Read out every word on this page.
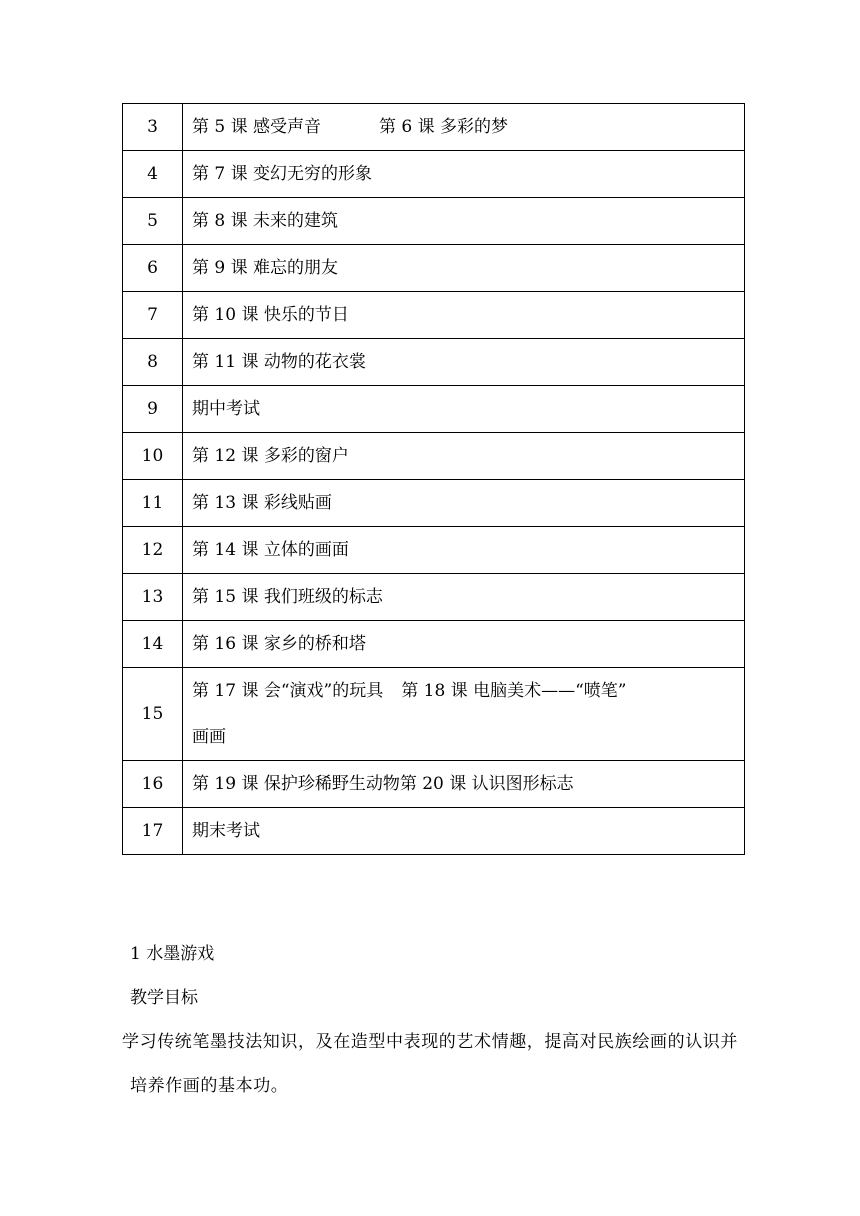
3	第 5 课 感受声音 第 6 课 多彩的梦
4	第 7 课 变幻无穷的形象
5	第 8 课 未来的建筑
6	第 9 课 难忘的朋友
7	第 10 课 快乐的节日
8	第 11 课 动物的花衣裳
9	期中考试
10	第 12 课 多彩的窗户
11	第 13 课 彩线贴画
12	第 14 课 立体的画面
13	第 15 课 我们班级的标志
14	第 16 课 家乡的桥和塔
15	第 17 课 会“演戏”的玩具 第 18 课 电脑美术——“喷笔”
画画
16	第 19 课 保护珍稀野生动物第 20 课 认识图形标志
17	期末考试
1 水墨游戏
教学目标

学习传统笔墨技法知识，及在造型中表现的艺术情趣，提高对民族绘画的认识并培养作画的基本功。
